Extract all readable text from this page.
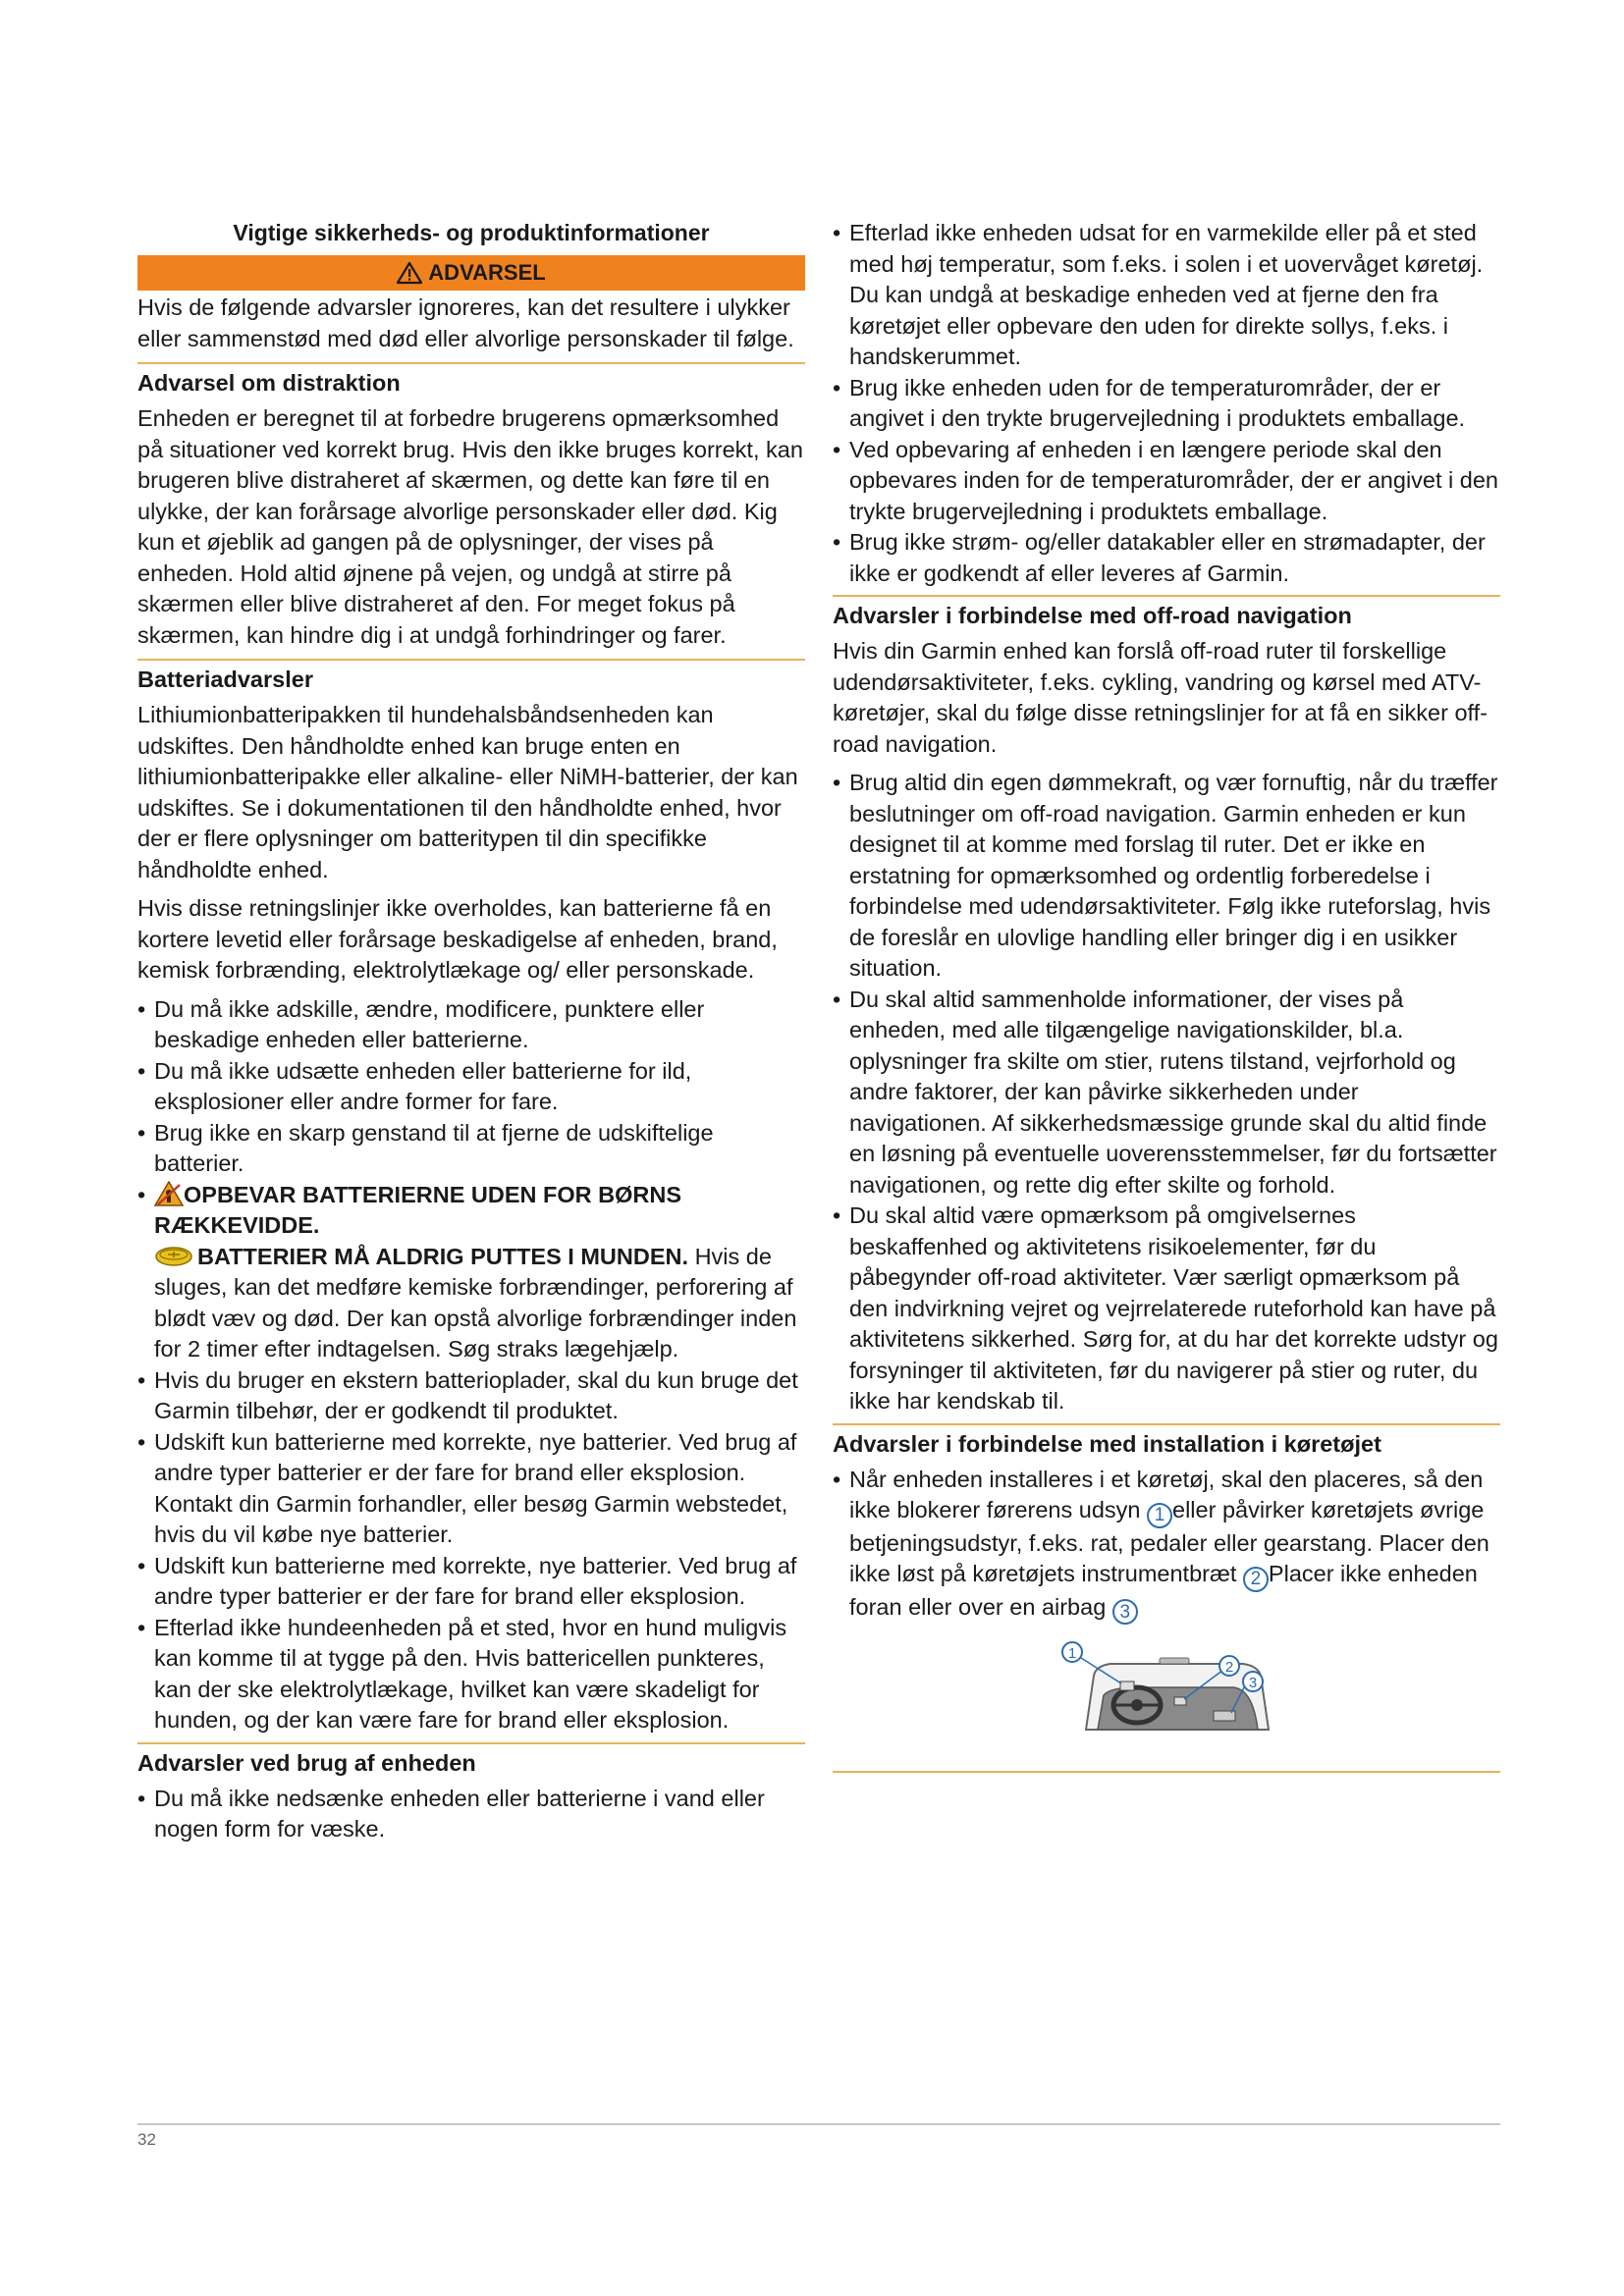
Vigtige sikkerheds- og produktinformationer
ADVARSEL

Hvis de følgende advarsler ignoreres, kan det resultere i ulykker eller sammenstød med død eller alvorlige personskader til følge.

Advarsel om distraktion

Enheden er beregnet til at forbedre brugerens opmærksomhed på situationer ved korrekt brug. Hvis den ikke bruges korrekt, kan brugeren blive distraheret af skærmen, og dette kan føre til en ulykke, der kan forårsage alvorlige personskader eller død. Kig kun et øjeblik ad gangen på de oplysninger, der vises på enheden. Hold altid øjnene på vejen, og undgå at stirre på skærmen eller blive distraheret af den. For meget fokus på skærmen, kan hindre dig i at undgå forhindringer og farer.

Batteriadvarsler

Lithiumionbatteripakken til hundehalsbåndsenheden kan udskiftes. Den håndholdte enhed kan bruge enten en lithiumionbatteripakke eller alkaline- eller NiMH-batterier, der kan udskiftes. Se i dokumentationen til den håndholdte enhed, hvor der er flere oplysninger om batteritypen til din specifikke håndholdte enhed.

Hvis disse retningslinjer ikke overholdes, kan batterierne få en kortere levetid eller forårsage beskadigelse af enheden, brand, kemisk forbrænding, elektrolytlækage og/ eller personskade.

• Du må ikke adskille, ændre, modificere, punktere eller beskadige enheden eller batterierne.
• Du må ikke udsætte enheden eller batterierne for ild, eksplosioner eller andre former for fare.
• Brug ikke en skarp genstand til at fjerne de udskiftelige batterier.
• OPBEVAR BATTERIERNE UDEN FOR BØRNS RÆKKEVIDDE.
BATTERIER MÅ ALDRIG PUTTES I MUNDEN. Hvis de sluges, kan det medføre kemiske forbrændinger, perforering af blødt væv og død. Der kan opstå alvorlige forbrændinger inden for 2 timer efter indtagelsen. Søg straks lægehjælp.
• Hvis du bruger en ekstern batterioplader, skal du kun bruge det Garmin tilbehør, der er godkendt til produktet.
• Udskift kun batterierne med korrekte, nye batterier. Ved brug af andre typer batterier er der fare for brand eller eksplosion. Kontakt din Garmin forhandler, eller besøg Garmin webstedet, hvis du vil købe nye batterier.
• Udskift kun batterierne med korrekte, nye batterier. Ved brug af andre typer batterier er der fare for brand eller eksplosion.
• Efterlad ikke hundeenheden på et sted, hvor en hund muligvis kan komme til at tygge på den. Hvis battericellen punkteres, kan der ske elektrolytlækage, hvilket kan være skadeligt for hunden, og der kan være fare for brand eller eksplosion.
Advarsler ved brug af enheden
• Du må ikke nedsænke enheden eller batterierne i vand eller nogen form for væske.
• Efterlad ikke enheden udsat for en varmekilde eller på et sted med høj temperatur, som f.eks. i solen i et uovervåget køretøj. Du kan undgå at beskadige enheden ved at fjerne den fra køretøjet eller opbevare den uden for direkte sollys, f.eks. i handskerummet.
• Brug ikke enheden uden for de temperaturområder, der er angivet i den trykte brugervejledning i produktets emballage.
• Ved opbevaring af enheden i en længere periode skal den opbevares inden for de temperaturområder, der er angivet i den trykte brugervejledning i produktets emballage.
• Brug ikke strøm- og/eller datakabler eller en strømadapter, der ikke er godkendt af eller leveres af Garmin.
Advarsler i forbindelse med off-road navigation

Hvis din Garmin enhed kan forslå off-road ruter til forskellige udendørsaktiviteter, f.eks. cykling, vandring og kørsel med ATV-køretøjer, skal du følge disse retningslinjer for at få en sikker off-road navigation.

• Brug altid din egen dømmekraft, og vær fornuftig, når du træffer beslutninger om off-road navigation. Garmin enheden er kun designet til at komme med forslag til ruter. Det er ikke en erstatning for opmærksomhed og ordentlig forberedelse i forbindelse med udendørsaktiviteter. Følg ikke ruteforslag, hvis de foreslår en ulovlige handling eller bringer dig i en usikker situation.
• Du skal altid sammenholde informationer, der vises på enheden, med alle tilgængelige navigationskilder, bl.a. oplysninger fra skilte om stier, rutens tilstand, vejrforhold og andre faktorer, der kan påvirke sikkerheden under navigationen. Af sikkerhedsmæssige grunde skal du altid finde en løsning på eventuelle uoverensstemmelser, før du fortsætter navigationen, og rette dig efter skilte og forhold.
• Du skal altid være opmærksom på omgivelsernes beskaffenhed og aktivitetens risikoelementer, før du påbegynder off-road aktiviteter. Vær særligt opmærksom på den indvirkning vejret og vejrrelaterede ruteforhold kan have på aktivitetens sikkerhed. Sørg for, at du har det korrekte udstyr og forsyninger til aktiviteten, før du navigerer på stier og ruter, du ikke har kendskab til.
Advarsler i forbindelse med installation i køretøjet
• Når enheden installeres i et køretøj, skal den placeres, så den ikke blokerer førerens udsyn 1 eller påvirker køretøjets øvrige betjeningsudstyr, f.eks. rat, pedaler eller gearstang. Placer den ikke løst på køretøjets instrumentbræt 2 Placer ikke enheden foran eller over en airbag 3
1
2
3
32
